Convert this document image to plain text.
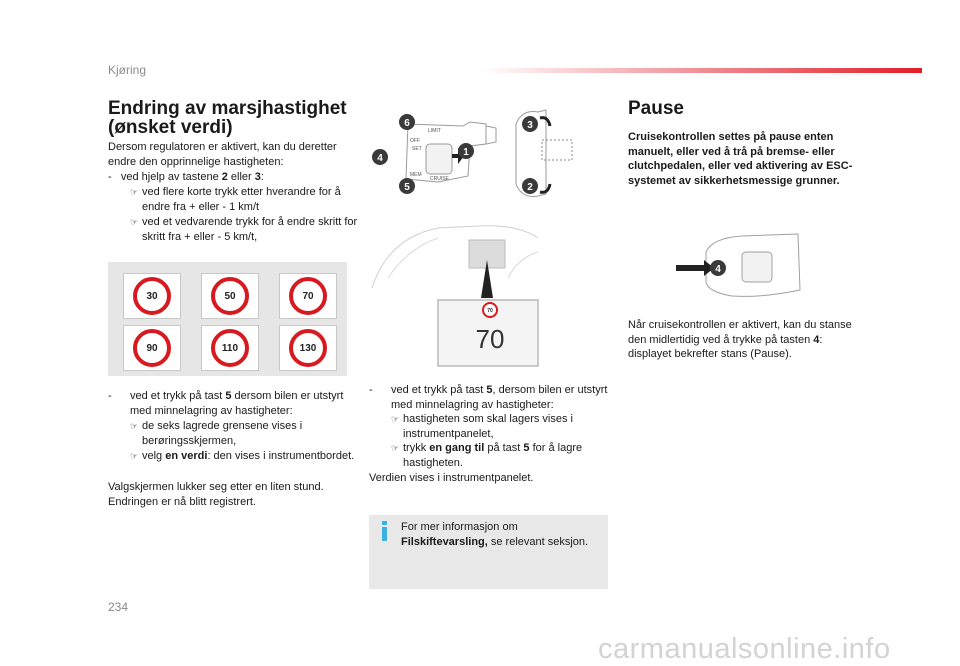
Kjøring
Endring av marsjhastighet (ønsket verdi)
Dersom regulatoren er aktivert, kan du deretter endre den opprinnelige hastigheten:
-   ved hjelp av tastene 2 eller 3:
☞ ved flere korte trykk etter hverandre for å endre fra + eller - 1 km/t
☞ ved et vedvarende trykk for å endre skritt for skritt fra + eller - 5 km/t,
30	50	70
90	110	130
- ved et trykk på tast 5 dersom bilen er utstyrt med minnelagring av hastigheter:
☞ de seks lagrede grensene vises i berøringsskjermen,
☞ velg en verdi: den vises i instrumentbordet.
Valgskjermen lukker seg etter en liten stund. Endringen er nå blitt registrert.
OFF
SET
MEM
LIMIT
CRUISE
6
4
5
1
3
2
70
70
- ved et trykk på tast 5, dersom bilen er utstyrt med minnelagring av hastigheter:
☞ hastigheten som skal lagers vises i instrumentpanelet,
☞ trykk en gang til på tast 5 for å lagre hastigheten.
Verdien vises i instrumentpanelet.
For mer informasjon om Filskiftevarsling, se relevant seksjon.
Pause
Cruisekontrollen settes på pause enten manuelt, eller ved å trå på bremse- eller clutchpedalen, eller ved aktivering av ESC-systemet av sikkerhetsmessige grunner.
4
Når cruisekontrollen er aktivert, kan du stanse den midlertidig ved å trykke på tasten 4: displayet bekrefter stans (Pause).
234
carmanualsonline.info
